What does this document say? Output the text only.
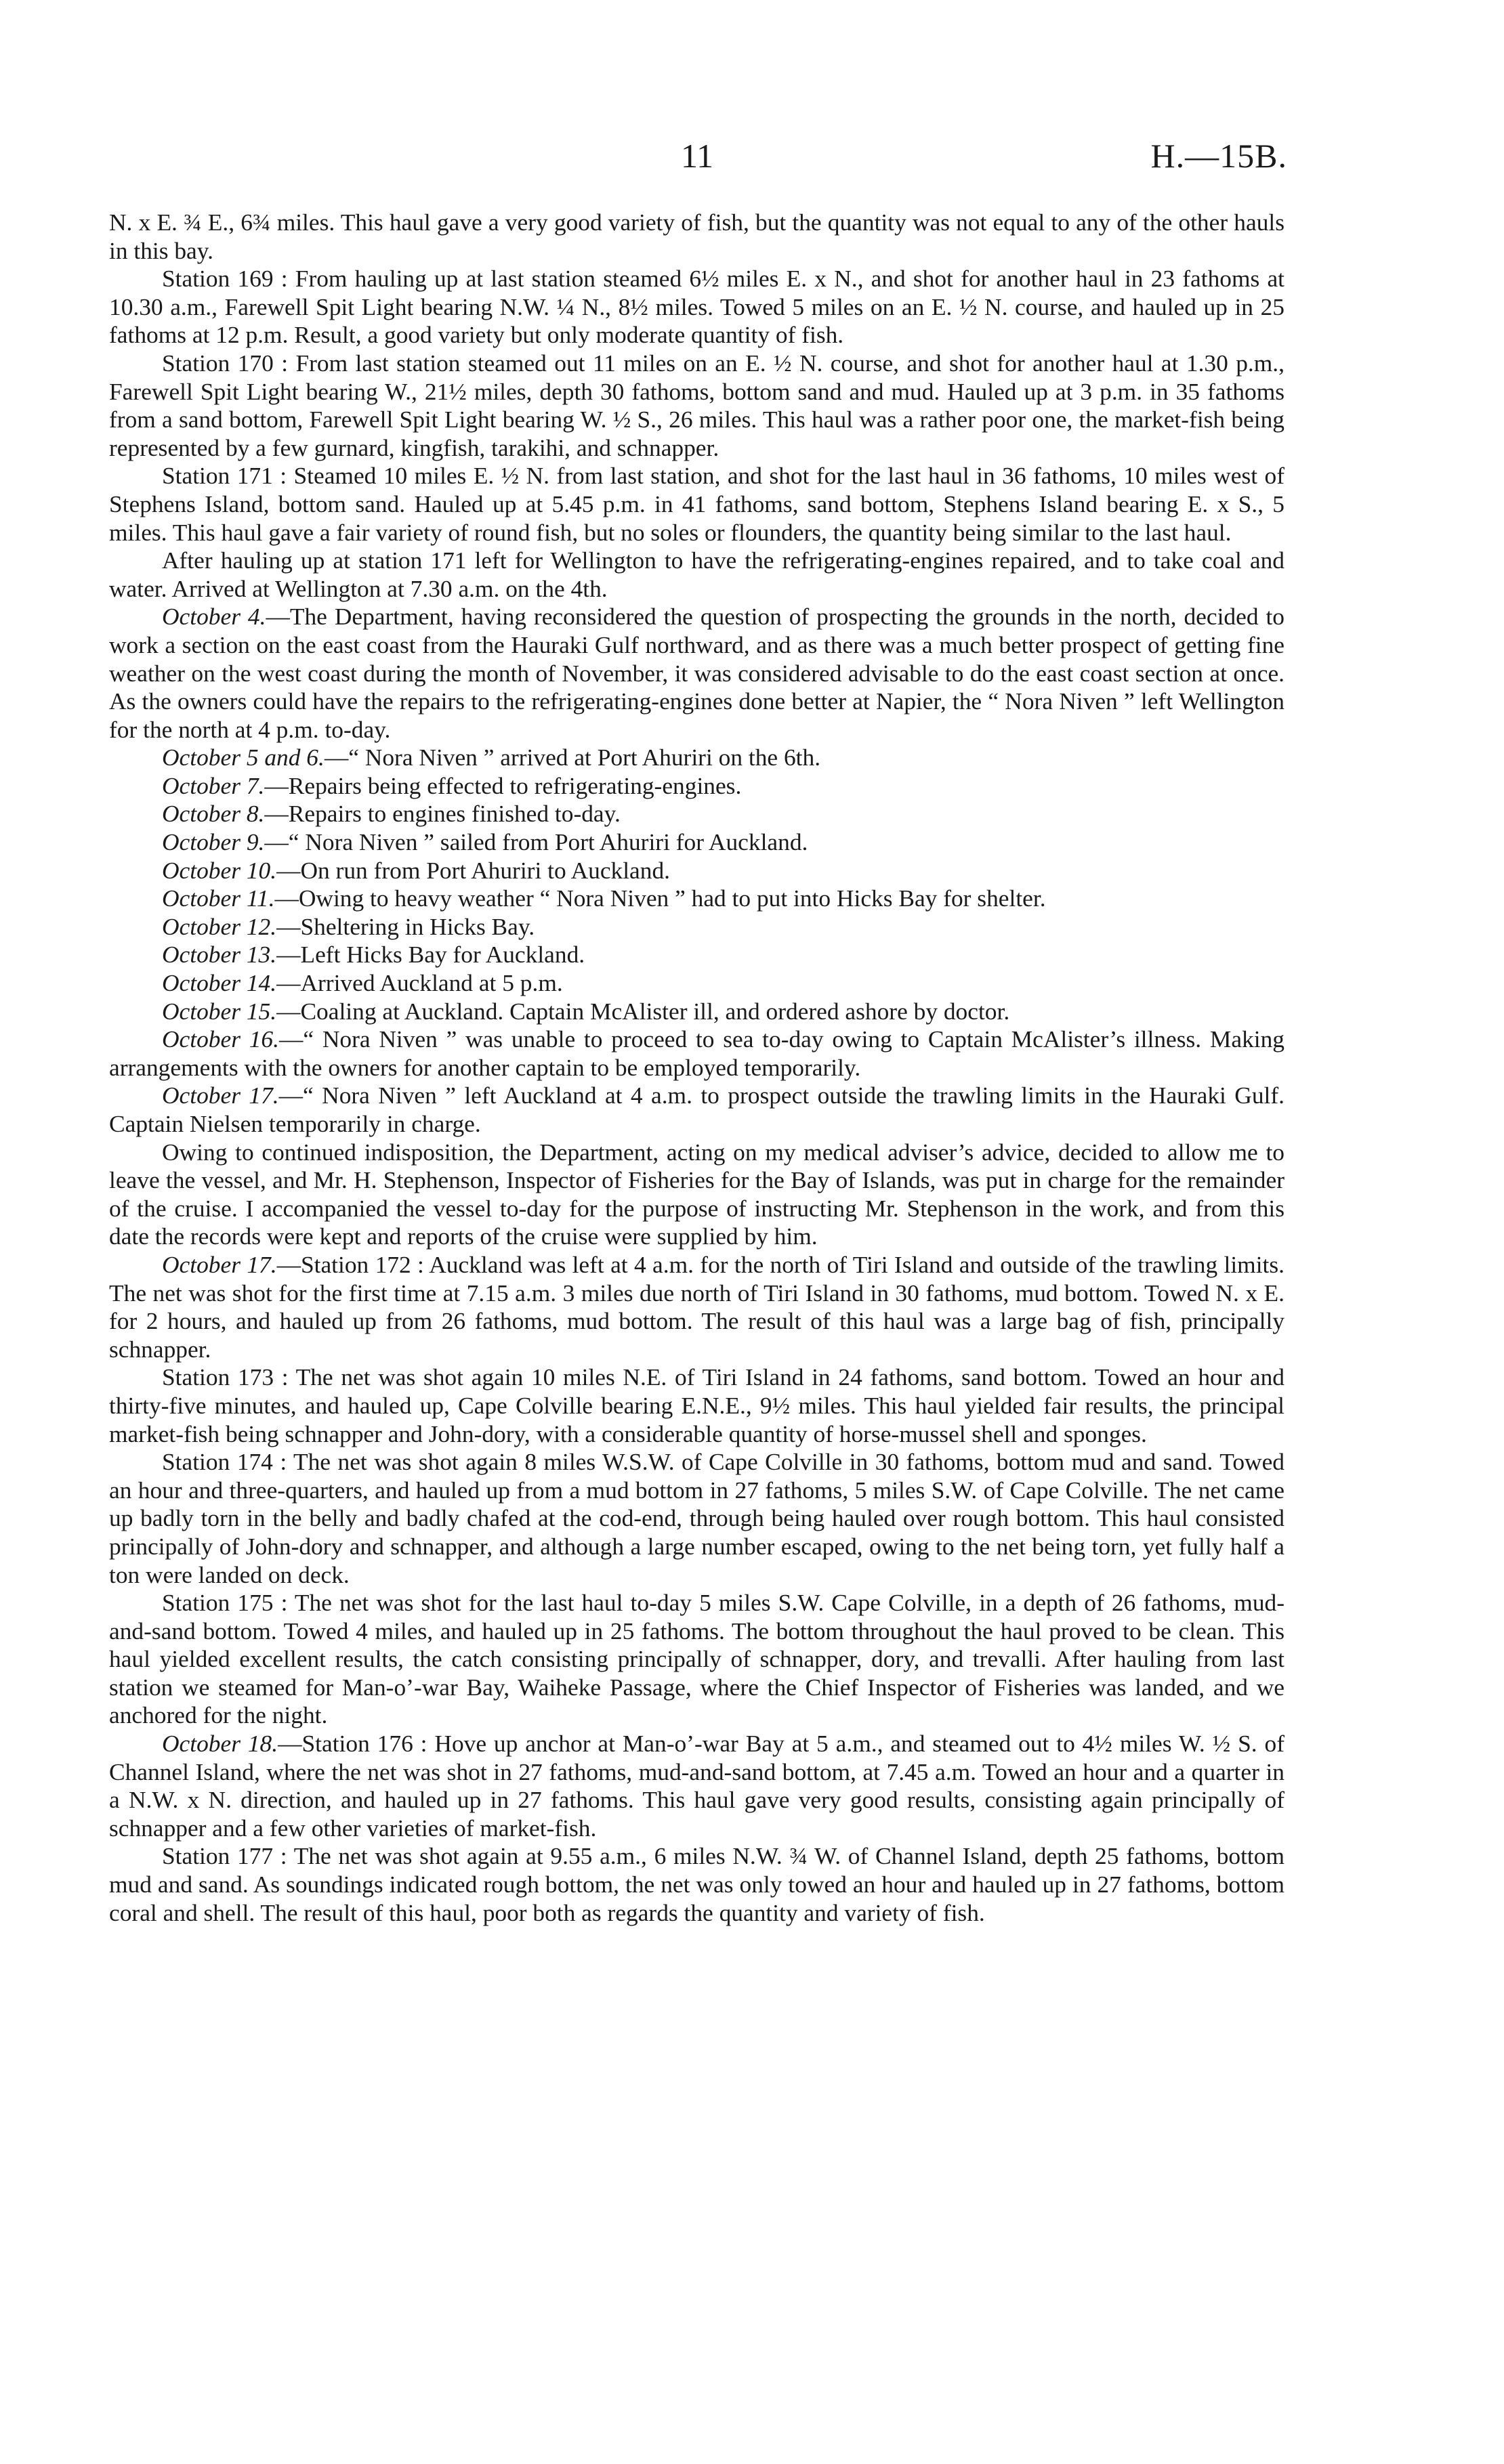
11	H.—15B.

N. x E. ¾ E., 6¾ miles. This haul gave a very good variety of fish, but the quantity was not equal to any of the other hauls in this bay.

Station 169 : From hauling up at last station steamed 6½ miles E. x N., and shot for another haul in 23 fathoms at 10.30 a.m., Farewell Spit Light bearing N.W. ¼ N., 8½ miles. Towed 5 miles on an E. ½ N. course, and hauled up in 25 fathoms at 12 p.m. Result, a good variety but only moderate quantity of fish.

Station 170 : From last station steamed out 11 miles on an E. ½ N. course, and shot for another haul at 1.30 p.m., Farewell Spit Light bearing W., 21½ miles, depth 30 fathoms, bottom sand and mud. Hauled up at 3 p.m. in 35 fathoms from a sand bottom, Farewell Spit Light bearing W. ½ S., 26 miles. This haul was a rather poor one, the market-fish being represented by a few gurnard, kingfish, tarakihi, and schnapper.

Station 171 : Steamed 10 miles E. ½ N. from last station, and shot for the last haul in 36 fathoms, 10 miles west of Stephens Island, bottom sand. Hauled up at 5.45 p.m. in 41 fathoms, sand bottom, Stephens Island bearing E. x S., 5 miles. This haul gave a fair variety of round fish, but no soles or flounders, the quantity being similar to the last haul.

After hauling up at station 171 left for Wellington to have the refrigerating-engines repaired, and to take coal and water. Arrived at Wellington at 7.30 a.m. on the 4th.

October 4.—The Department, having reconsidered the question of prospecting the grounds in the north, decided to work a section on the east coast from the Hauraki Gulf northward, and as there was a much better prospect of getting fine weather on the west coast during the month of November, it was considered advisable to do the east coast section at once. As the owners could have the repairs to the refrigerating-engines done better at Napier, the “ Nora Niven ” left Wellington for the north at 4 p.m. to-day.

October 5 and 6.—“ Nora Niven ” arrived at Port Ahuriri on the 6th.

October 7.—Repairs being effected to refrigerating-engines.

October 8.—Repairs to engines finished to-day.

October 9.—“ Nora Niven ” sailed from Port Ahuriri for Auckland.

October 10.—On run from Port Ahuriri to Auckland.

October 11.—Owing to heavy weather “ Nora Niven ” had to put into Hicks Bay for shelter.

October 12.—Sheltering in Hicks Bay.

October 13.—Left Hicks Bay for Auckland.

October 14.—Arrived Auckland at 5 p.m.

October 15.—Coaling at Auckland. Captain McAlister ill, and ordered ashore by doctor.

October 16.—“ Nora Niven ” was unable to proceed to sea to-day owing to Captain McAlister’s illness. Making arrangements with the owners for another captain to be employed temporarily.

October 17.—“ Nora Niven ” left Auckland at 4 a.m. to prospect outside the trawling limits in the Hauraki Gulf. Captain Nielsen temporarily in charge.

Owing to continued indisposition, the Department, acting on my medical adviser’s advice, decided to allow me to leave the vessel, and Mr. H. Stephenson, Inspector of Fisheries for the Bay of Islands, was put in charge for the remainder of the cruise. I accompanied the vessel to-day for the purpose of instructing Mr. Stephenson in the work, and from this date the records were kept and reports of the cruise were supplied by him.

October 17.—Station 172 : Auckland was left at 4 a.m. for the north of Tiri Island and outside of the trawling limits. The net was shot for the first time at 7.15 a.m. 3 miles due north of Tiri Island in 30 fathoms, mud bottom. Towed N. x E. for 2 hours, and hauled up from 26 fathoms, mud bottom. The result of this haul was a large bag of fish, principally schnapper.

Station 173 : The net was shot again 10 miles N.E. of Tiri Island in 24 fathoms, sand bottom. Towed an hour and thirty-five minutes, and hauled up, Cape Colville bearing E.N.E., 9½ miles. This haul yielded fair results, the principal market-fish being schnapper and John-dory, with a considerable quantity of horse-mussel shell and sponges.

Station 174 : The net was shot again 8 miles W.S.W. of Cape Colville in 30 fathoms, bottom mud and sand. Towed an hour and three-quarters, and hauled up from a mud bottom in 27 fathoms, 5 miles S.W. of Cape Colville. The net came up badly torn in the belly and badly chafed at the cod-end, through being hauled over rough bottom. This haul consisted principally of John-dory and schnapper, and although a large number escaped, owing to the net being torn, yet fully half a ton were landed on deck.

Station 175 : The net was shot for the last haul to-day 5 miles S.W. Cape Colville, in a depth of 26 fathoms, mud-and-sand bottom. Towed 4 miles, and hauled up in 25 fathoms. The bottom throughout the haul proved to be clean. This haul yielded excellent results, the catch consisting principally of schnapper, dory, and trevalli. After hauling from last station we steamed for Man-o’-war Bay, Waiheke Passage, where the Chief Inspector of Fisheries was landed, and we anchored for the night.

October 18.—Station 176 : Hove up anchor at Man-o’-war Bay at 5 a.m., and steamed out to 4½ miles W. ½ S. of Channel Island, where the net was shot in 27 fathoms, mud-and-sand bottom, at 7.45 a.m. Towed an hour and a quarter in a N.W. x N. direction, and hauled up in 27 fathoms. This haul gave very good results, consisting again principally of schnapper and a few other varieties of market-fish.

Station 177 : The net was shot again at 9.55 a.m., 6 miles N.W. ¾ W. of Channel Island, depth 25 fathoms, bottom mud and sand. As soundings indicated rough bottom, the net was only towed an hour and hauled up in 27 fathoms, bottom coral and shell. The result of this haul, poor both as regards the quantity and variety of fish.
